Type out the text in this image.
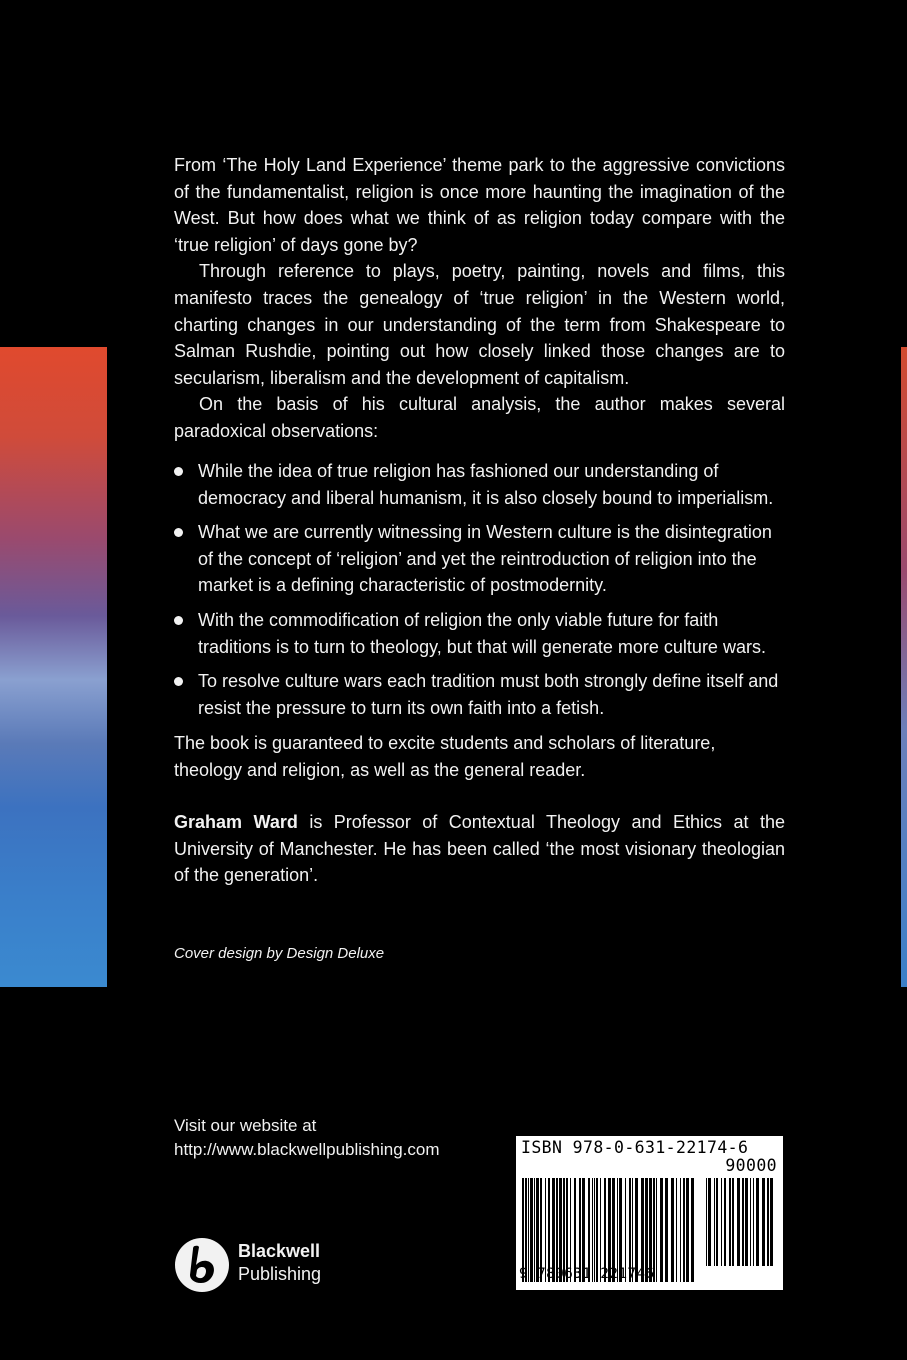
From ‘The Holy Land Experience’ theme park to the aggressive convictions of the fundamentalist, religion is once more haunting the imagination of the West. But how does what we think of as religion today compare with the ‘true religion’ of days gone by?

Through reference to plays, poetry, painting, novels and films, this manifesto traces the genealogy of ‘true religion’ in the Western world, charting changes in our understanding of the term from Shakespeare to Salman Rushdie, pointing out how closely linked those changes are to secularism, liberalism and the development of capitalism.

On the basis of his cultural analysis, the author makes several paradoxical observations:

While the idea of true religion has fashioned our understanding of democracy and liberal humanism, it is also closely bound to imperialism.
What we are currently witnessing in Western culture is the disintegration of the concept of ‘religion’ and yet the reintroduction of religion into the market is a defining characteristic of postmodernity.
With the commodification of religion the only viable future for faith traditions is to turn to theology, but that will generate more culture wars.
To resolve culture wars each tradition must both strongly define itself and resist the pressure to turn its own faith into a fetish.

The book is guaranteed to excite students and scholars of literature, theology and religion, as well as the general reader.

Graham Ward is Professor of Contextual Theology and Ethics at the University of Manchester. He has been called ‘the most visionary theologian of the generation’.

Cover design by Design Deluxe

Visit our website at
http://www.blackwellpublishing.com
Blackwell
Publishing
ISBN 978-0-631-22174-6
90000
9 780631 221746
